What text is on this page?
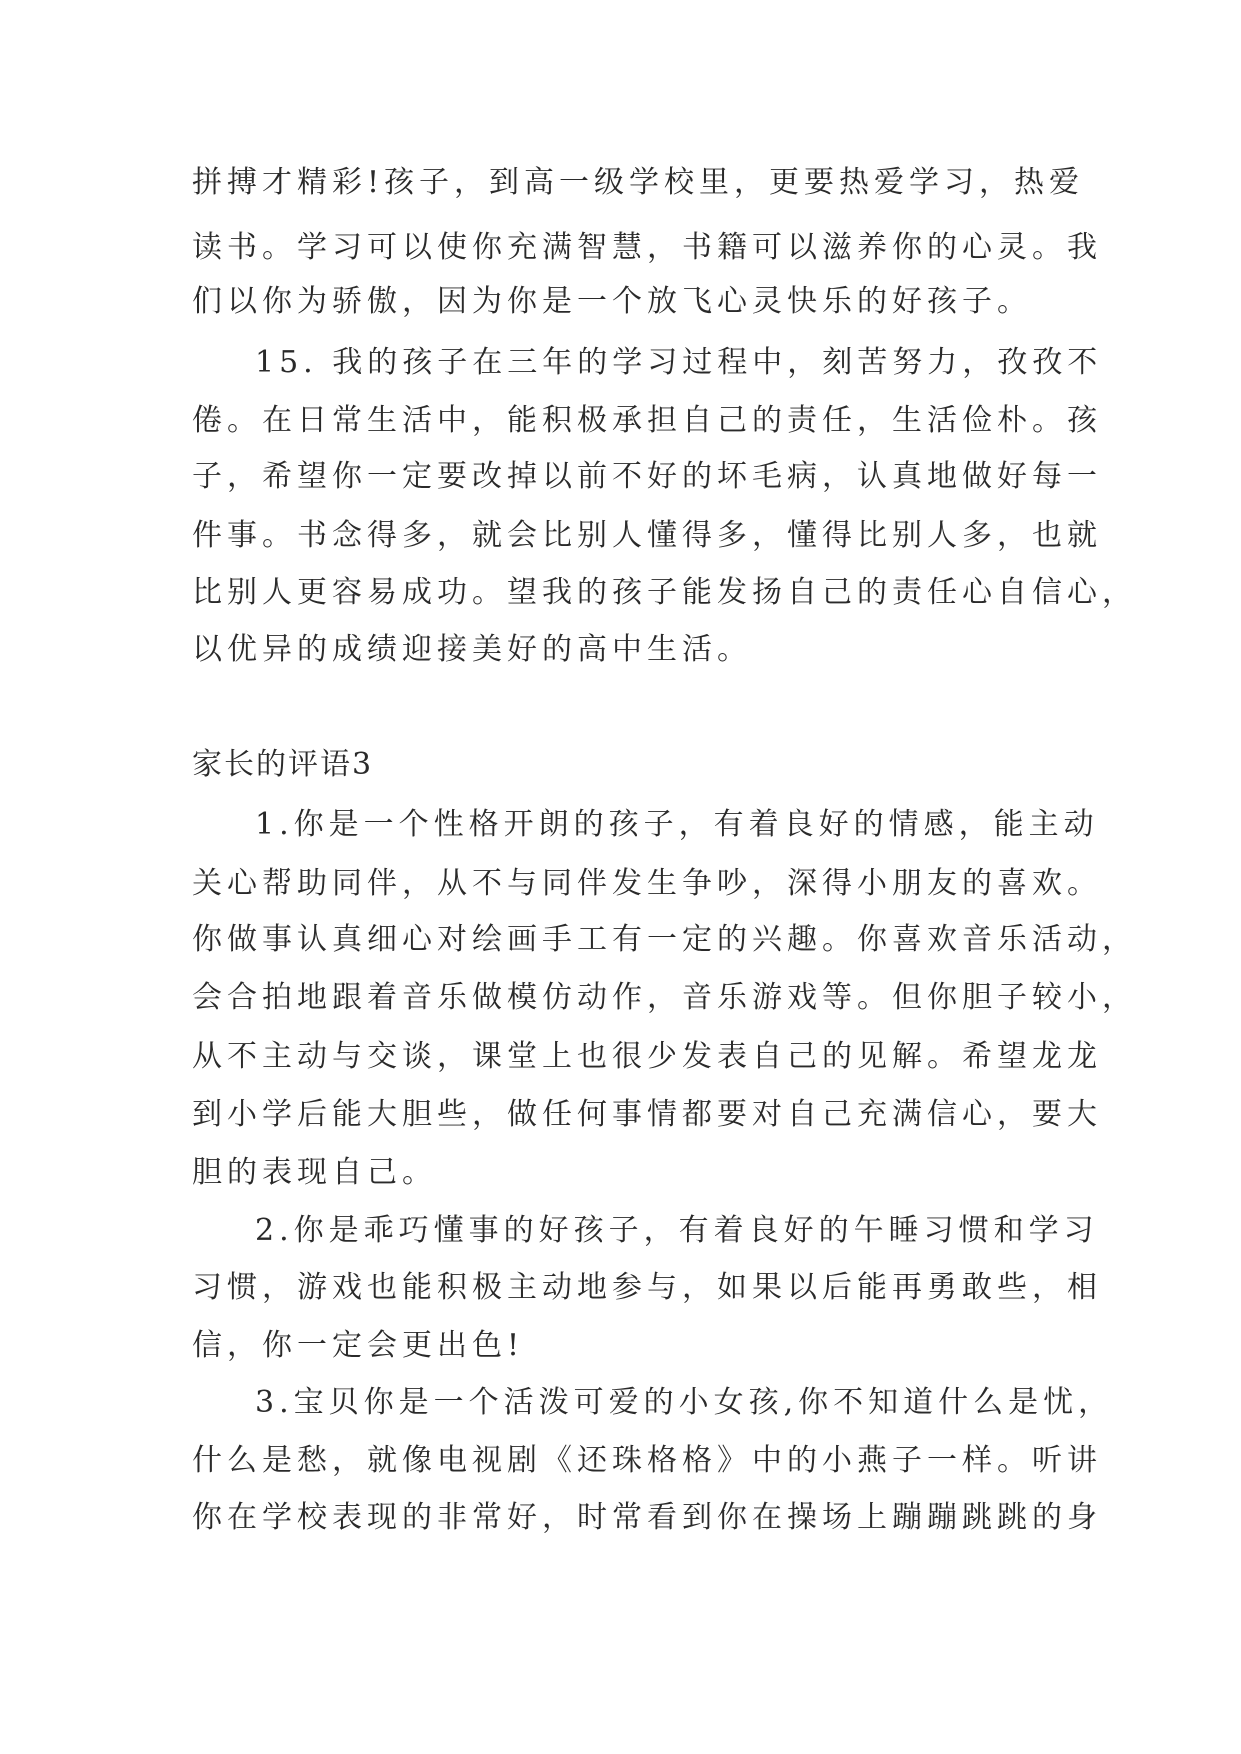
拼搏才精彩!孩子，到高一级学校里，更要热爱学习，热爱
读书。学习可以使你充满智慧，书籍可以滋养你的心灵。我
们以你为骄傲，因为你是一个放飞心灵快乐的好孩子。
15. 我的孩子在三年的学习过程中，刻苦努力，孜孜不
倦。在日常生活中，能积极承担自己的责任，生活俭朴。孩
子，希望你一定要改掉以前不好的坏毛病，认真地做好每一
件事。书念得多，就会比别人懂得多，懂得比别人多，也就
比别人更容易成功。望我的孩子能发扬自己的责任心自信心，
以优异的成绩迎接美好的高中生活。
家长的评语3
1.你是一个性格开朗的孩子，有着良好的情感，能主动
关心帮助同伴，从不与同伴发生争吵，深得小朋友的喜欢。
你做事认真细心对绘画手工有一定的兴趣。你喜欢音乐活动，
会合拍地跟着音乐做模仿动作，音乐游戏等。但你胆子较小，
从不主动与交谈，课堂上也很少发表自己的见解。希望龙龙
到小学后能大胆些，做任何事情都要对自己充满信心，要大
胆的表现自己。
2.你是乖巧懂事的好孩子，有着良好的午睡习惯和学习
习惯，游戏也能积极主动地参与，如果以后能再勇敢些，相
信，你一定会更出色!
3.宝贝你是一个活泼可爱的小女孩,你不知道什么是忧，
什么是愁，就像电视剧《还珠格格》中的小燕子一样。听讲
你在学校表现的非常好，时常看到你在操场上蹦蹦跳跳的身
